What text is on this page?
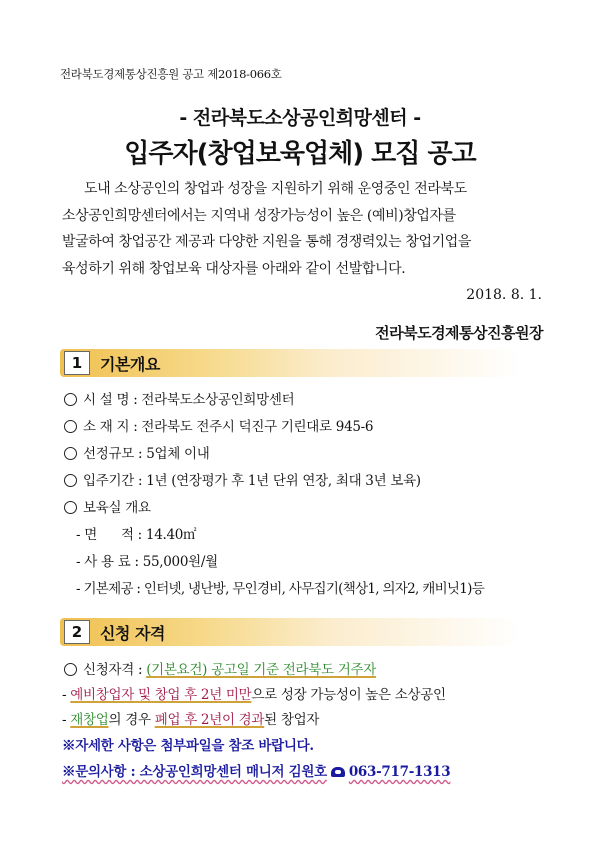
전라북도경제통상진흥원 공고 제2018-066호
- 전라북도소상공인희망센터 -
입주자(창업보육업체) 모집 공고

도내 소상공인의 창업과 성장을 지원하기 위해 운영중인 전라북도
소상공인희망센터에서는 지역내 성장가능성이 높은 (예비)창업자를
발굴하여 창업공간 제공과 다양한 지원을 통해 경쟁력있는 창업기업을
육성하기 위해 창업보육 대상자를 아래와 같이 선발합니다.

2018. 8. 1.
전라북도경제통상진흥원장
1	기본개요
시 설 명 : 전라북도소상공인희망센터
소 재 지 : 전라북도 전주시 덕진구 기린대로 945-6
선정규모 : 5업체 이내
입주기간 : 1년 (연장평가 후 1년 단위 연장, 최대 3년 보육)
보육실 개요
- 면      적 : 14.40㎡
- 사 용 료 : 55,000원/월
- 기본제공 : 인터넷, 냉난방, 무인경비, 사무집기(책상1, 의자2, 캐비닛1)등
2	신청 자격
신청자격 : (기본요건) 공고일 기준 전라북도 거주자
- 예비창업자 및 창업 후 2년 미만으로 성장 가능성이 높은 소상공인
- 재창업의 경우 폐업 후 2년이 경과된 창업자
※자세한 사항은 첨부파일을 참조 바랍니다.
※문의사항 : 소상공인희망센터 매니저 김원호 063-717-1313
